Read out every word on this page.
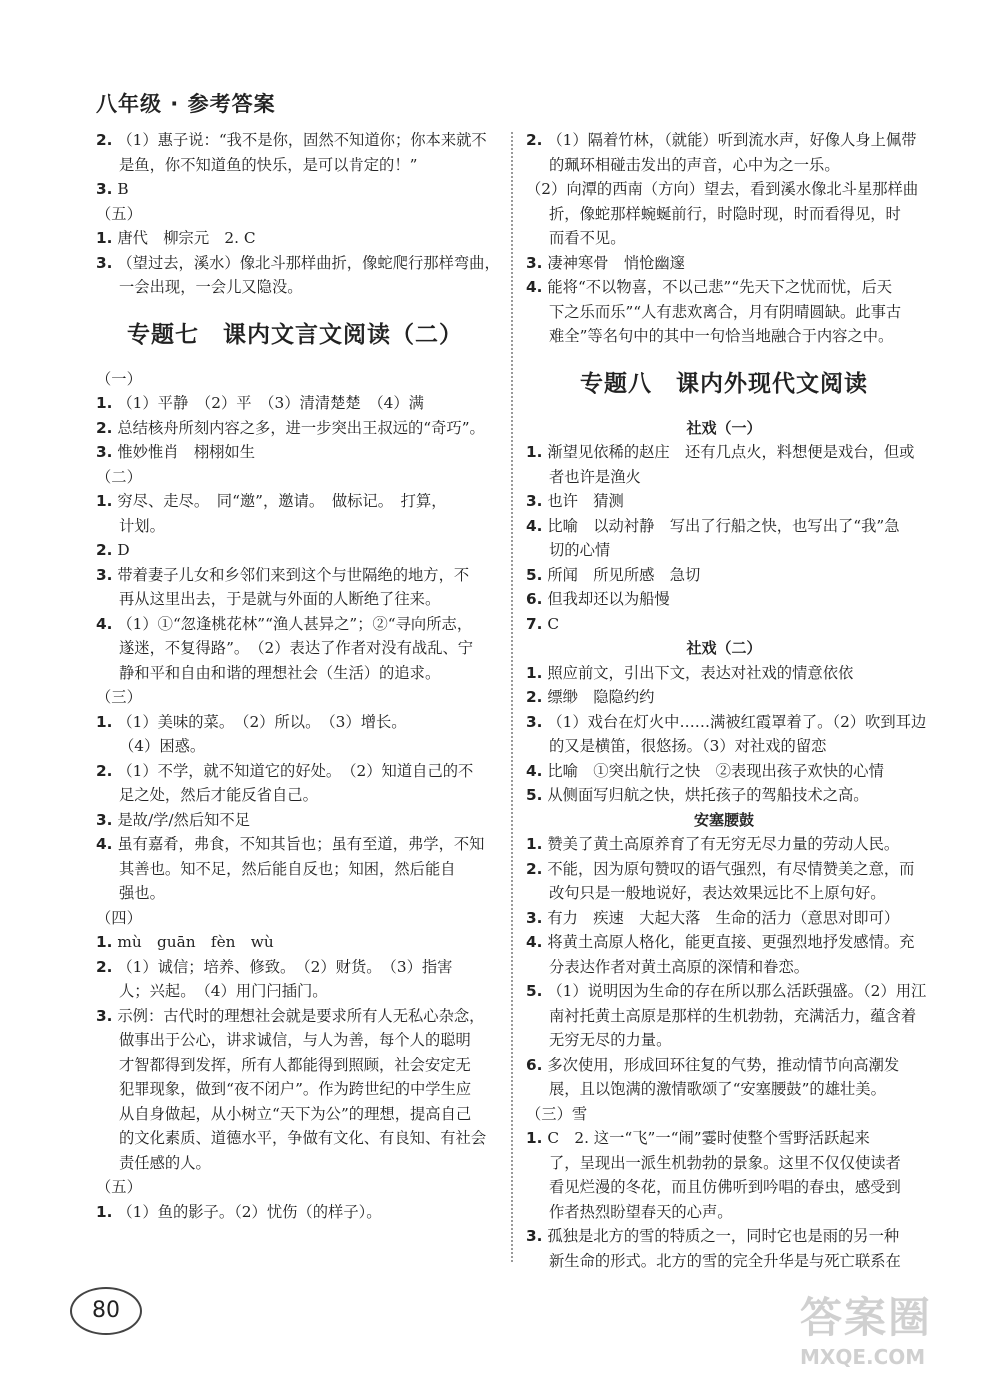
八年级 · 参考答案
2. （1）惠子说：“我不是你，固然不知道你；你本来就不
是鱼，你不知道鱼的快乐，是可以肯定的！”
3. B
（五）
1. 唐代　柳宗元　2. C
3. （望过去，溪水）像北斗那样曲折，像蛇爬行那样弯曲，
一会出现，一会儿又隐没。
专题七　课内文言文阅读（二）
（一）
1. （1）平静　（2）平　（3）清清楚楚　（4）满
2. 总结核舟所刻内容之多，进一步突出王叔远的“奇巧”。
3. 惟妙惟肖　栩栩如生
（二）
1. 穷尽、走尽。　同“邀”，邀请。　做标记。　打算，
计划。
2. D
3. 带着妻子儿女和乡邻们来到这个与世隔绝的地方，不
再从这里出去，于是就与外面的人断绝了往来。
4. （1）①“忽逢桃花林”“渔人甚异之”；②“寻向所志，
遂迷，不复得路”。　（2）表达了作者对没有战乱、宁
静和平和自由和谐的理想社会（生活）的追求。
（三）
1. （1）美味的菜。　（2）所以。　（3）增长。
（4）困惑。
2. （1）不学，就不知道它的好处。　（2）知道自己的不
足之处，然后才能反省自己。
3. 是故/学/然后知不足
4. 虽有嘉肴，弗食，不知其旨也；虽有至道，弗学，不知
其善也。知不足，然后能自反也；知困，然后能自
强也。
（四）
1. mù　guān　fèn　wù
2. （1）诚信；培养、修致。　（2）财货。　（3）指害
人；兴起。　（4）用门闩插门。
3. 示例：古代时的理想社会就是要求所有人无私心杂念，
做事出于公心，讲求诚信，与人为善，每个人的聪明
才智都得到发挥，所有人都能得到照顾，社会安定无
犯罪现象，做到“夜不闭户”。作为跨世纪的中学生应
从自身做起，从小树立“天下为公”的理想，提高自己
的文化素质、道德水平，争做有文化、有良知、有社会
责任感的人。
（五）
1. （1）鱼的影子。（2）忧伤（的样子）。
2. （1）隔着竹林，（就能）听到流水声，好像人身上佩带
的珮环相碰击发出的声音，心中为之一乐。
（2）向潭的西南（方向）望去，看到溪水像北斗星那样曲
折，像蛇那样蜿蜒前行，时隐时现，时而看得见，时
而看不见。
3. 凄神寒骨　悄怆幽邃
4. 能将“不以物喜，不以己悲”“先天下之忧而忧，后天
下之乐而乐”“人有悲欢离合，月有阴晴圆缺。此事古
难全”等名句中的其中一句恰当地融合于内容之中。
专题八　课内外现代文阅读
社戏（一）
1. 渐望见依稀的赵庄　还有几点火，料想便是戏台，但或
者也许是渔火
3. 也许　猜测
4. 比喻　以动衬静　写出了行船之快，也写出了“我”急
切的心情
5. 所闻　所见所感　急切
6. 但我却还以为船慢
7. C
社戏（二）
1. 照应前文，引出下文，表达对社戏的情意依依
2. 缥缈　隐隐约约
3. （1）戏台在灯火中……满被红霞罩着了。（2）吹到耳边
的又是横笛，很悠扬。（3）对社戏的留恋
4. 比喻　①突出航行之快　②表现出孩子欢快的心情
5. 从侧面写归航之快，烘托孩子的驾船技术之高。
安塞腰鼓
1. 赞美了黄土高原养育了有无穷无尽力量的劳动人民。
2. 不能，因为原句赞叹的语气强烈，有尽情赞美之意，而
改句只是一般地说好，表达效果远比不上原句好。
3. 有力　疾速　大起大落　生命的活力（意思对即可）
4. 将黄土高原人格化，能更直接、更强烈地抒发感情。充
分表达作者对黄土高原的深情和眷恋。
5. （1）说明因为生命的存在所以那么活跃强盛。（2）用江
南衬托黄土高原是那样的生机勃勃，充满活力，蕴含着
无穷无尽的力量。
6. 多次使用，形成回环往复的气势，推动情节向高潮发
展，且以饱满的激情歌颂了“安塞腰鼓”的雄壮美。
（三）雪
1. C　2. 这一“飞”一“闹”霎时使整个雪野活跃起来
了，呈现出一派生机勃勃的景象。这里不仅仅使读者
看见烂漫的冬花，而且仿佛听到吟唱的春虫，感受到
作者热烈盼望春天的心声。
3. 孤独是北方的雪的特质之一，同时它也是雨的另一种
新生命的形式。北方的雪的完全升华是与死亡联系在
80	答案圈
MXQE.COM
